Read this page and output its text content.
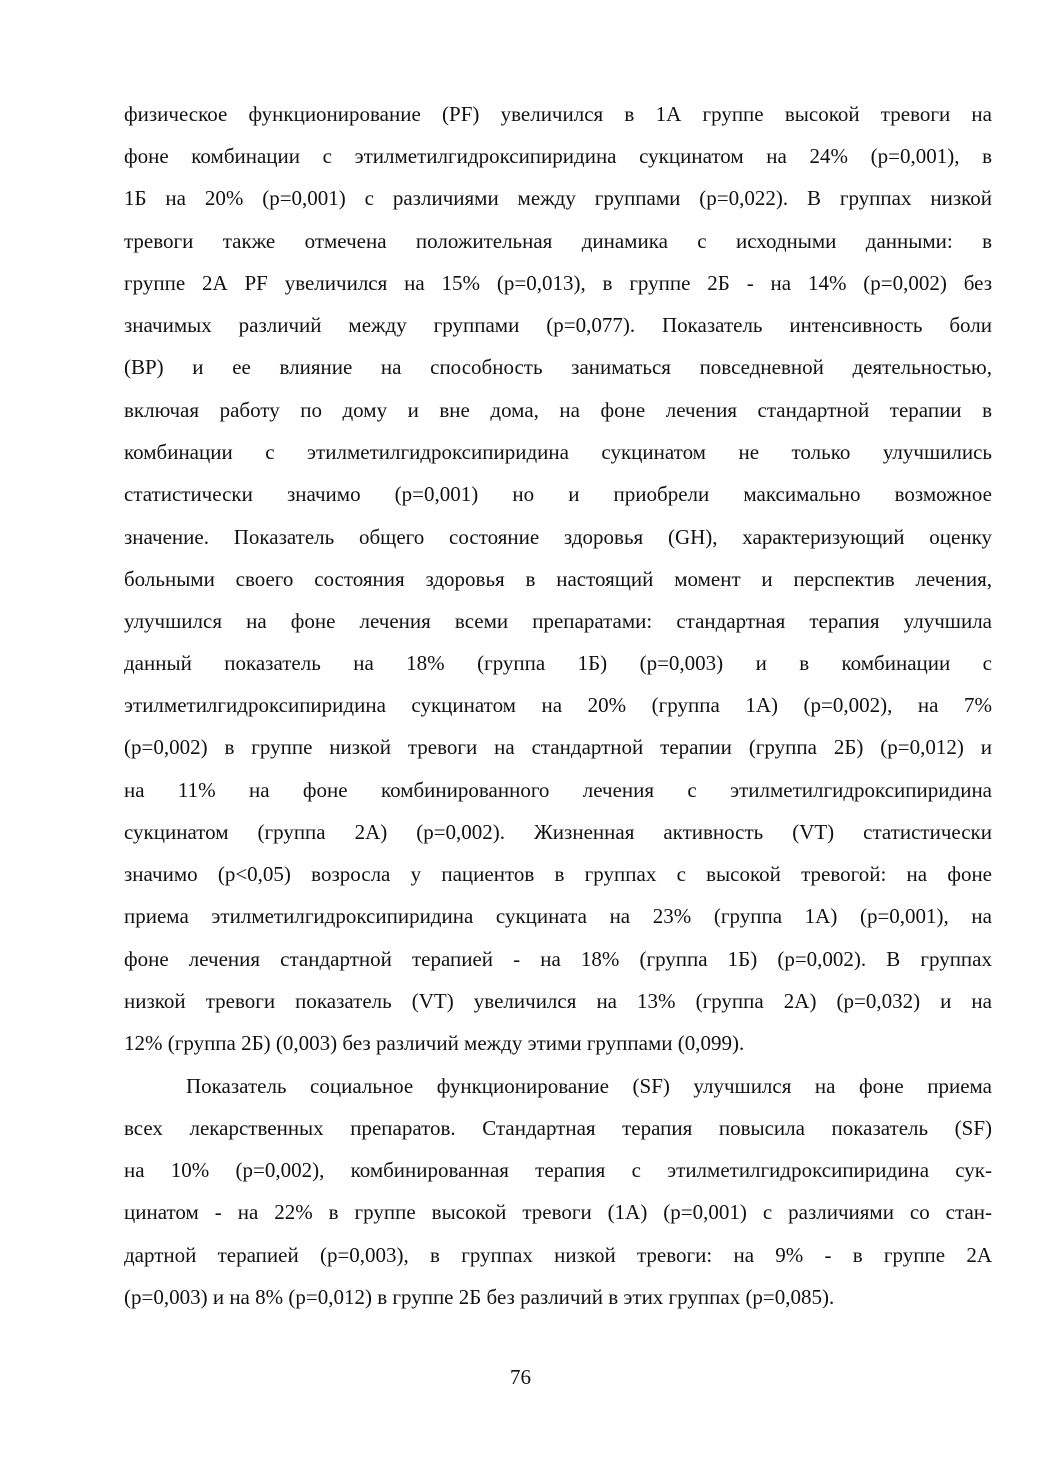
физическое функционирование (PF) увеличился в 1А группе высокой тревоги на
фоне комбинации с этилметилгидроксипиридина сукцинатом на 24% (p=0,001), в
1Б на 20% (p=0,001) с различиями между группами (p=0,022). В группах низкой
тревоги также отмечена положительная динамика с исходными данными: в
группе 2А PF увеличился на 15% (p=0,013), в группе 2Б - на 14% (p=0,002) без
значимых различий между группами (p=0,077). Показатель интенсивность боли
(BP) и ее влияние на способность заниматься повседневной деятельностью,
включая работу по дому и вне дома, на фоне лечения стандартной терапии в
комбинации с этилметилгидроксипиридина сукцинатом не только улучшились
статистически значимо (p=0,001) но и приобрели максимально возможное
значение. Показатель общего состояние здоровья (GH), характеризующий оценку
больными своего состояния здоровья в настоящий момент и перспектив лечения,
улучшился на фоне лечения всеми препаратами: стандартная терапия улучшила
данный показатель на 18% (группа 1Б) (p=0,003) и в комбинации с
этилметилгидроксипиридина сукцинатом на 20% (группа 1А) (p=0,002), на 7%
(p=0,002) в группе низкой тревоги на стандартной терапии (группа 2Б) (p=0,012) и
на 11% на фоне комбинированного лечения с этилметилгидроксипиридина
сукцинатом (группа 2А) (p=0,002). Жизненная активность (VT) статистически
значимо (p<0,05) возросла у пациентов в группах с высокой тревогой: на фоне
приема этилметилгидроксипиридина сукцината на 23% (группа 1А) (p=0,001), на
фоне лечения стандартной терапией - на 18% (группа 1Б) (p=0,002). В группах
низкой тревоги показатель (VT) увеличился на 13% (группа 2А) (p=0,032) и на
12% (группа 2Б) (0,003) без различий между этими группами (0,099).
Показатель социальное функционирование (SF) улучшился на фоне приема
всех лекарственных препаратов. Стандартная терапия повысила показатель (SF)
на 10% (p=0,002), комбинированная терапия с этилметилгидроксипиридина сук-
цинатом - на 22% в группе высокой тревоги (1А) (p=0,001) с различиями со стан-
дартной терапией (p=0,003), в группах низкой тревоги: на 9% - в группе 2А
(p=0,003) и на 8% (p=0,012) в группе 2Б без различий в этих группах (p=0,085).
76
